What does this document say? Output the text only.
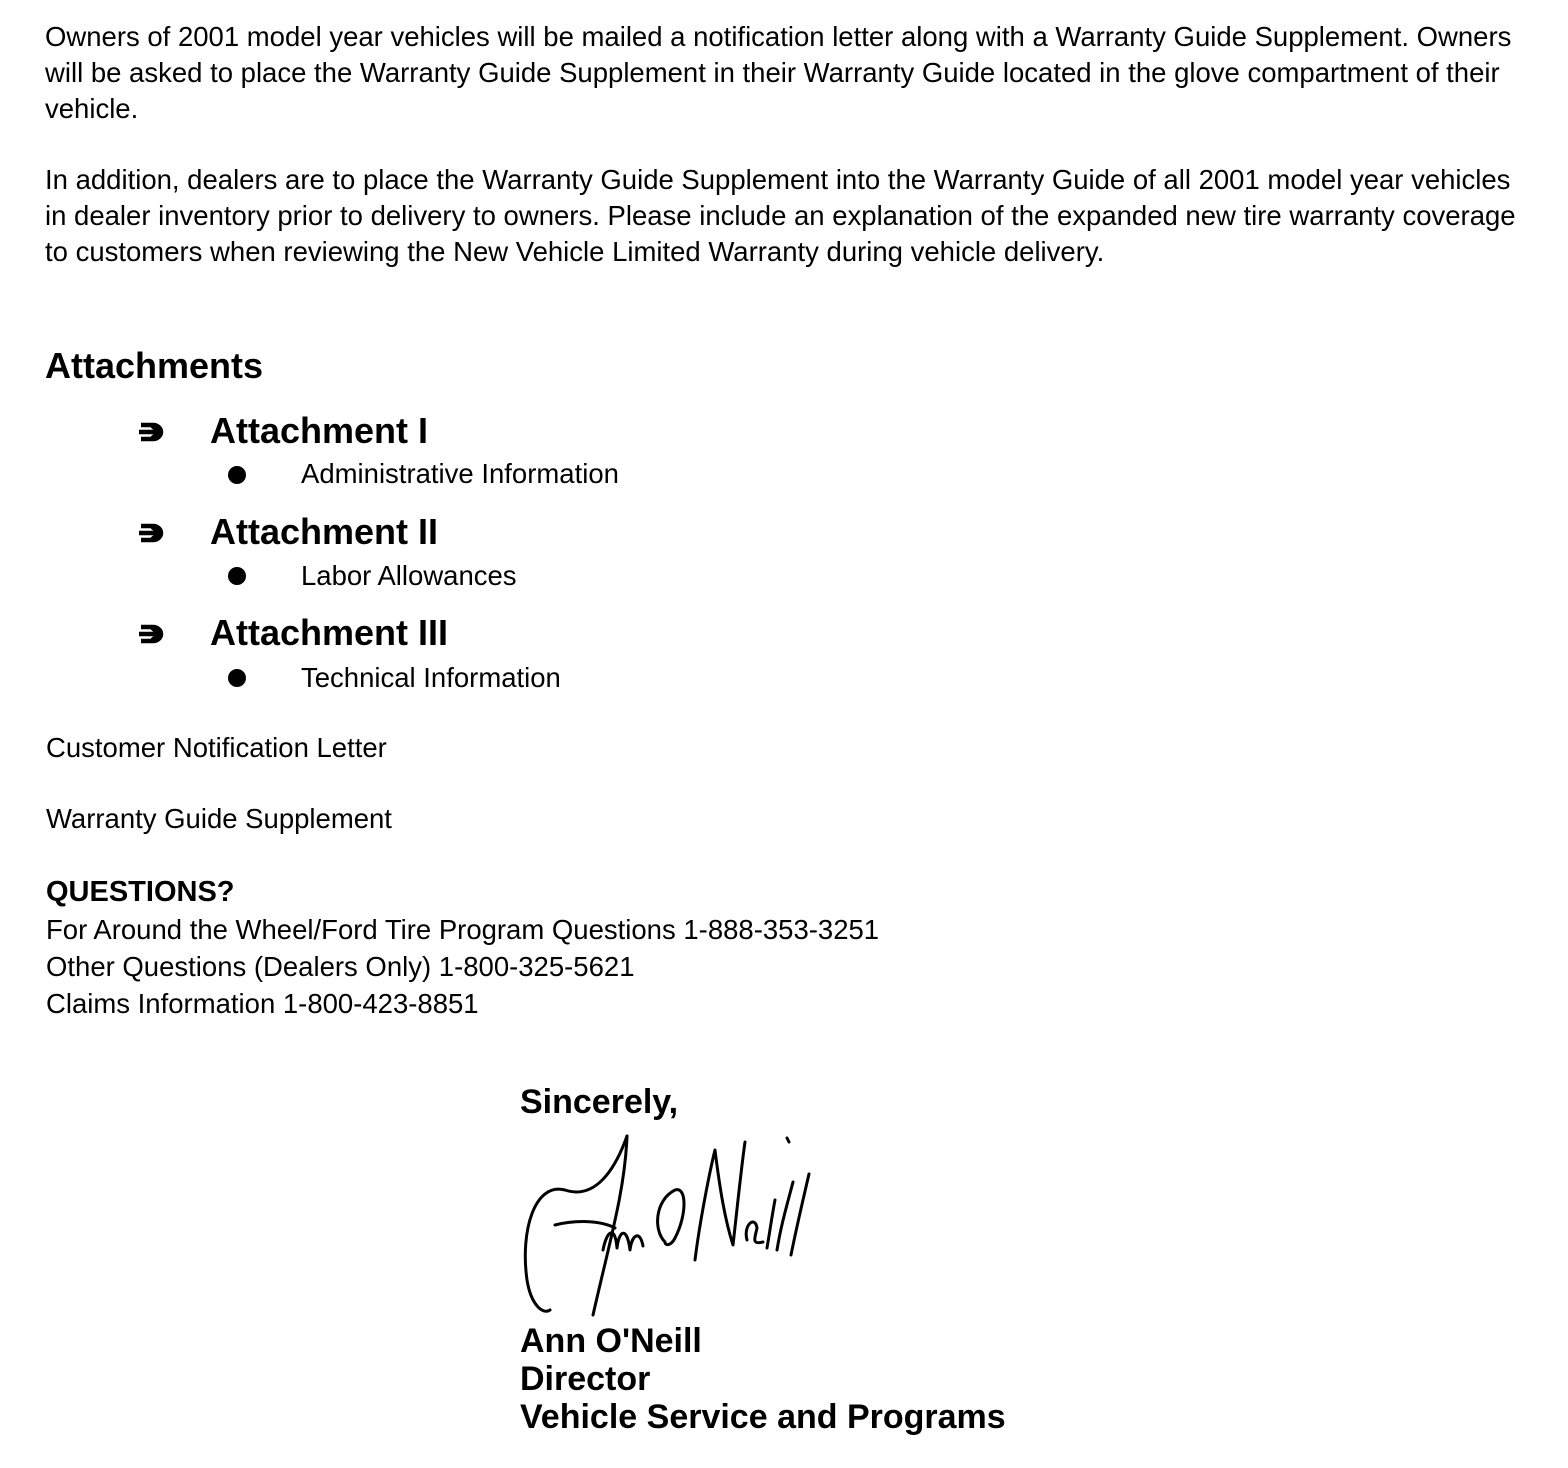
Owners of 2001 model year vehicles will be mailed a notification letter along with a Warranty Guide Supplement. Owners will be asked to place the Warranty Guide Supplement in their Warranty Guide located in the glove compartment of their vehicle.

In addition, dealers are to place the Warranty Guide Supplement into the Warranty Guide of all 2001 model year vehicles in dealer inventory prior to delivery to owners. Please include an explanation of the expanded new tire warranty coverage to customers when reviewing the New Vehicle Limited Warranty during vehicle delivery.

Attachments
Attachment I
Administrative Information
Attachment II
Labor Allowances
Attachment III
Technical Information
Customer Notification Letter
Warranty Guide Supplement
QUESTIONS?
For Around the Wheel/Ford Tire Program Questions 1-888-353-3251
Other Questions (Dealers Only) 1-800-325-5621
Claims Information 1-800-423-8851
Sincerely,
Ann O'Neill
Director
Vehicle Service and Programs
